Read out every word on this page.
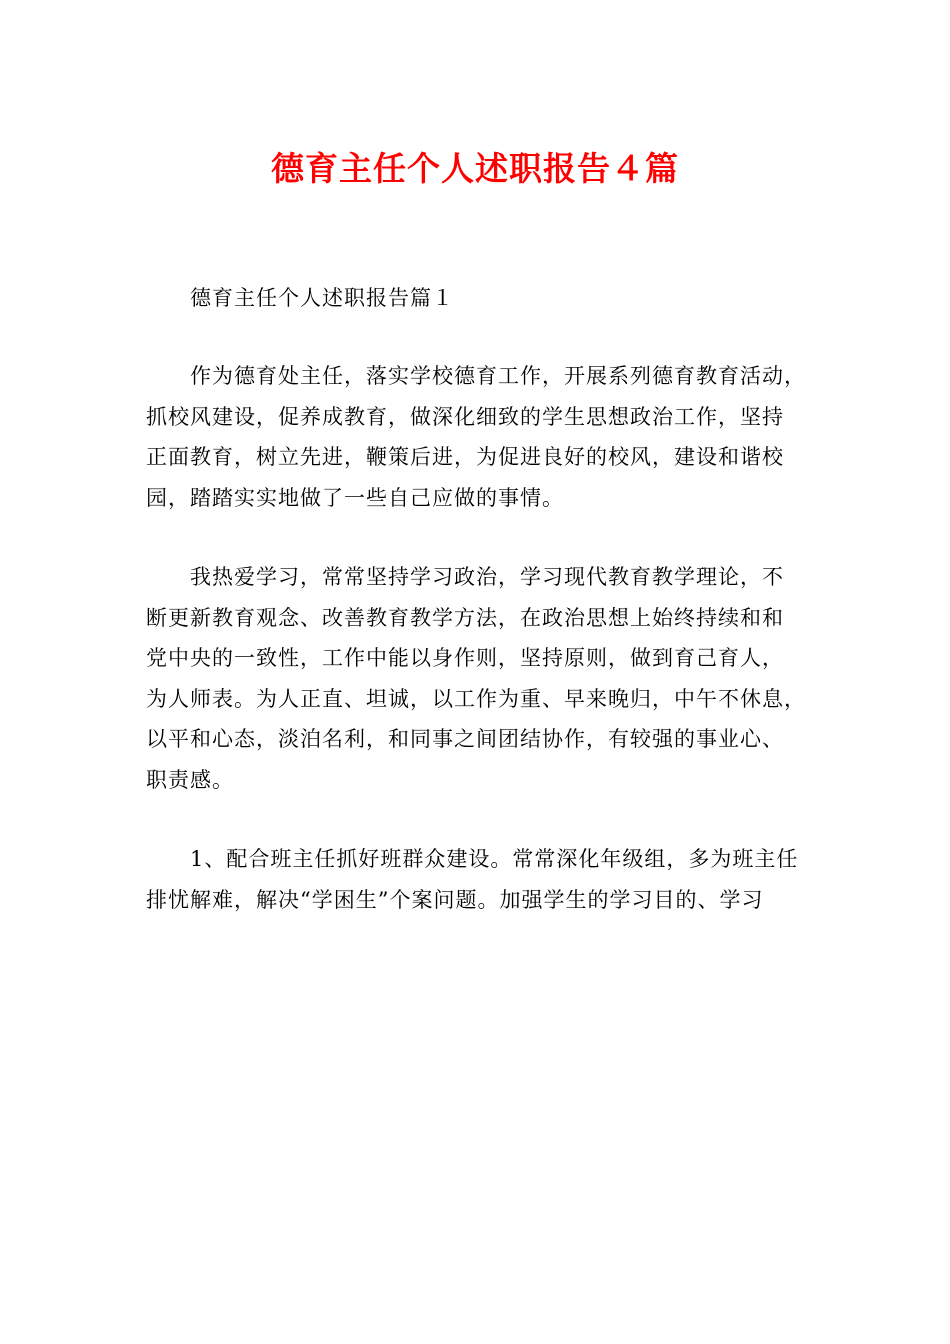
德育主任个人述职报告４篇
德育主任个人述职报告篇１
作为德育处主任，落实学校德育工作，开展系列德育教育活动，
抓校风建设，促养成教育，做深化细致的学生思想政治工作，坚持
正面教育，树立先进，鞭策后进，为促进良好的校风，建设和谐校
园，踏踏实实地做了一些自己应做的事情。
我热爱学习，常常坚持学习政治，学习现代教育教学理论，不
断更新教育观念、改善教育教学方法，在政治思想上始终持续和和
党中央的一致性，工作中能以身作则，坚持原则，做到育己育人，
为人师表。为人正直、坦诚，以工作为重、早来晚归，中午不休息，
以平和心态，淡泊名利，和同事之间团结协作，有较强的事业心、
职责感。
1、配合班主任抓好班群众建设。常常深化年级组，多为班主任
排忧解难，解决“学困生”个案问题。加强学生的学习目的、学习
